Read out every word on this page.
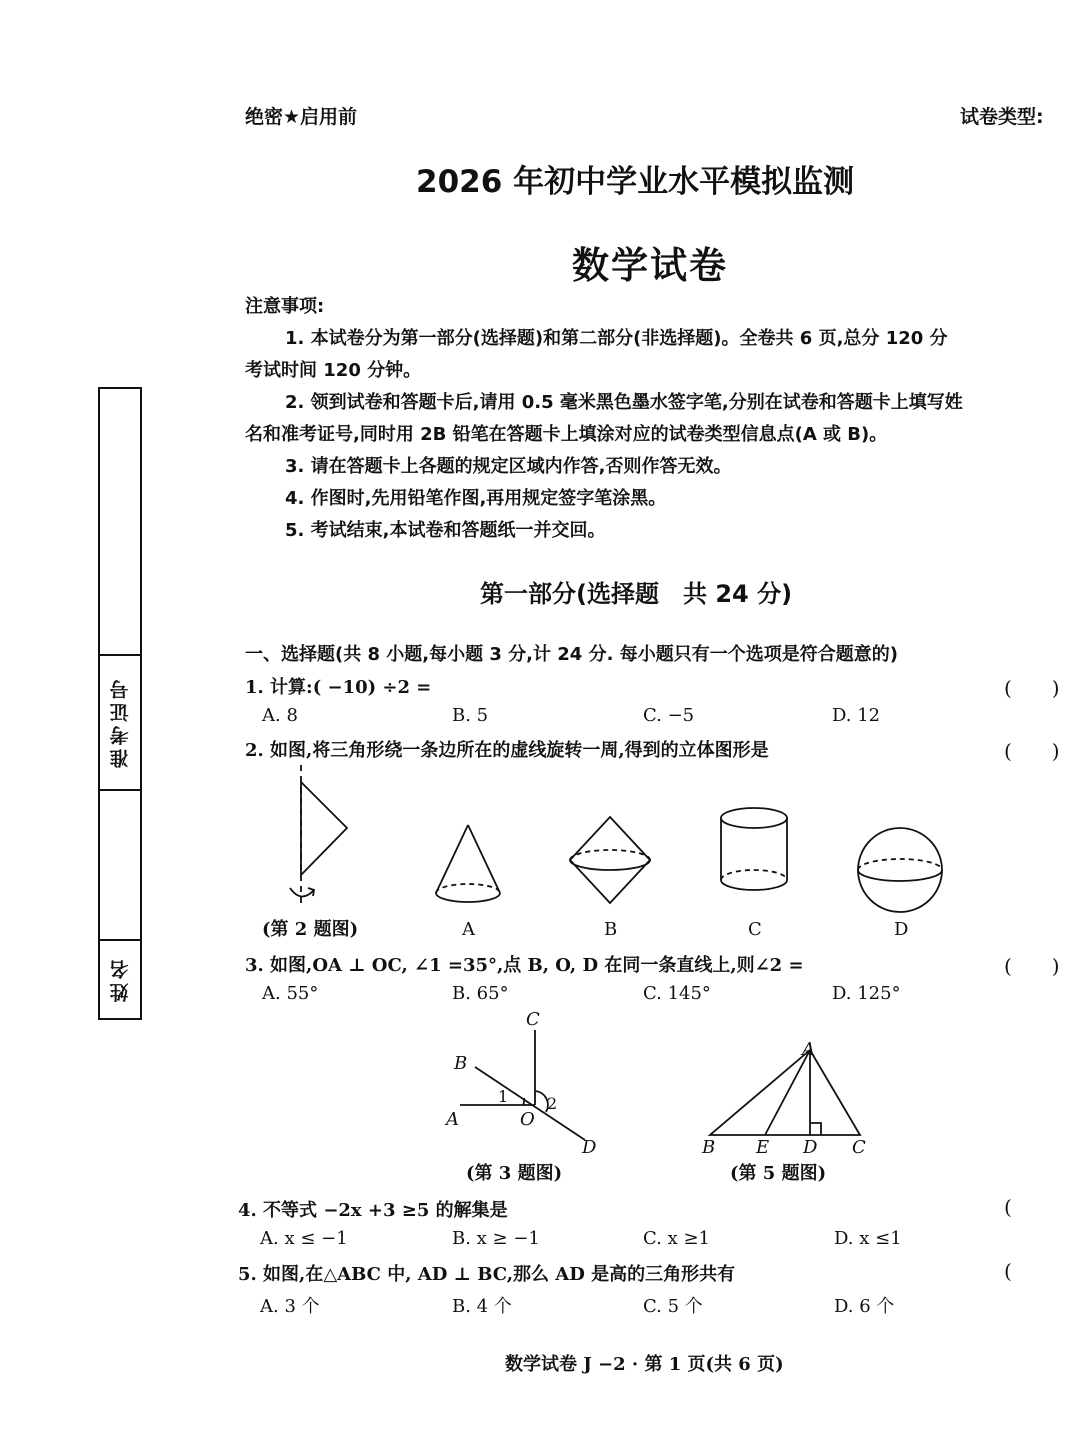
绝密★启用前	试卷类型:
2026 年初中学业水平模拟监测
数学试卷
准考证号
姓名
注意事项:
1. 本试卷分为第一部分(选择题)和第二部分(非选择题)。全卷共 6 页,总分 120 分
考试时间 120 分钟。
2. 领到试卷和答题卡后,请用 0.5 毫米黑色墨水签字笔,分别在试卷和答题卡上填写姓
名和准考证号,同时用 2B 铅笔在答题卡上填涂对应的试卷类型信息点(A 或 B)。
3. 请在答题卡上各题的规定区域内作答,否则作答无效。
4. 作图时,先用铅笔作图,再用规定签字笔涂黑。
5. 考试结束,本试卷和答题纸一并交回。
第一部分(选择题　共 24 分)
一、选择题(共 8 小题,每小题 3 分,计 24 分. 每小题只有一个选项是符合题意的)
1. 计算:( −10) ÷2 =	(　　)
A. 8	B. 5	C. −5	D. 12
2. 如图,将三角形绕一条边所在的虚线旋转一周,得到的立体图形是	(　　)
(第 2 题图)	A	B	C	D
3. 如图,OA ⊥ OC, ∠1 =35°,点 B, O, D 在同一条直线上,则∠2 =	(　　)
A. 55°	B. 65°	C. 145°	D. 125°
C
B
A	O
D
A
B E D C
1 2
(第 3 题图)	(第 5 题图)
4. 不等式 −2x +3 ≥5 的解集是	(
A. x ≤ −1	B. x ≥ −1	C. x ≥1	D. x ≤1
5. 如图,在△ABC 中, AD ⊥ BC,那么 AD 是高的三角形共有	(
A. 3 个	B. 4 个	C. 5 个	D. 6 个
数学试卷 J −2 · 第 1 页(共 6 页)
